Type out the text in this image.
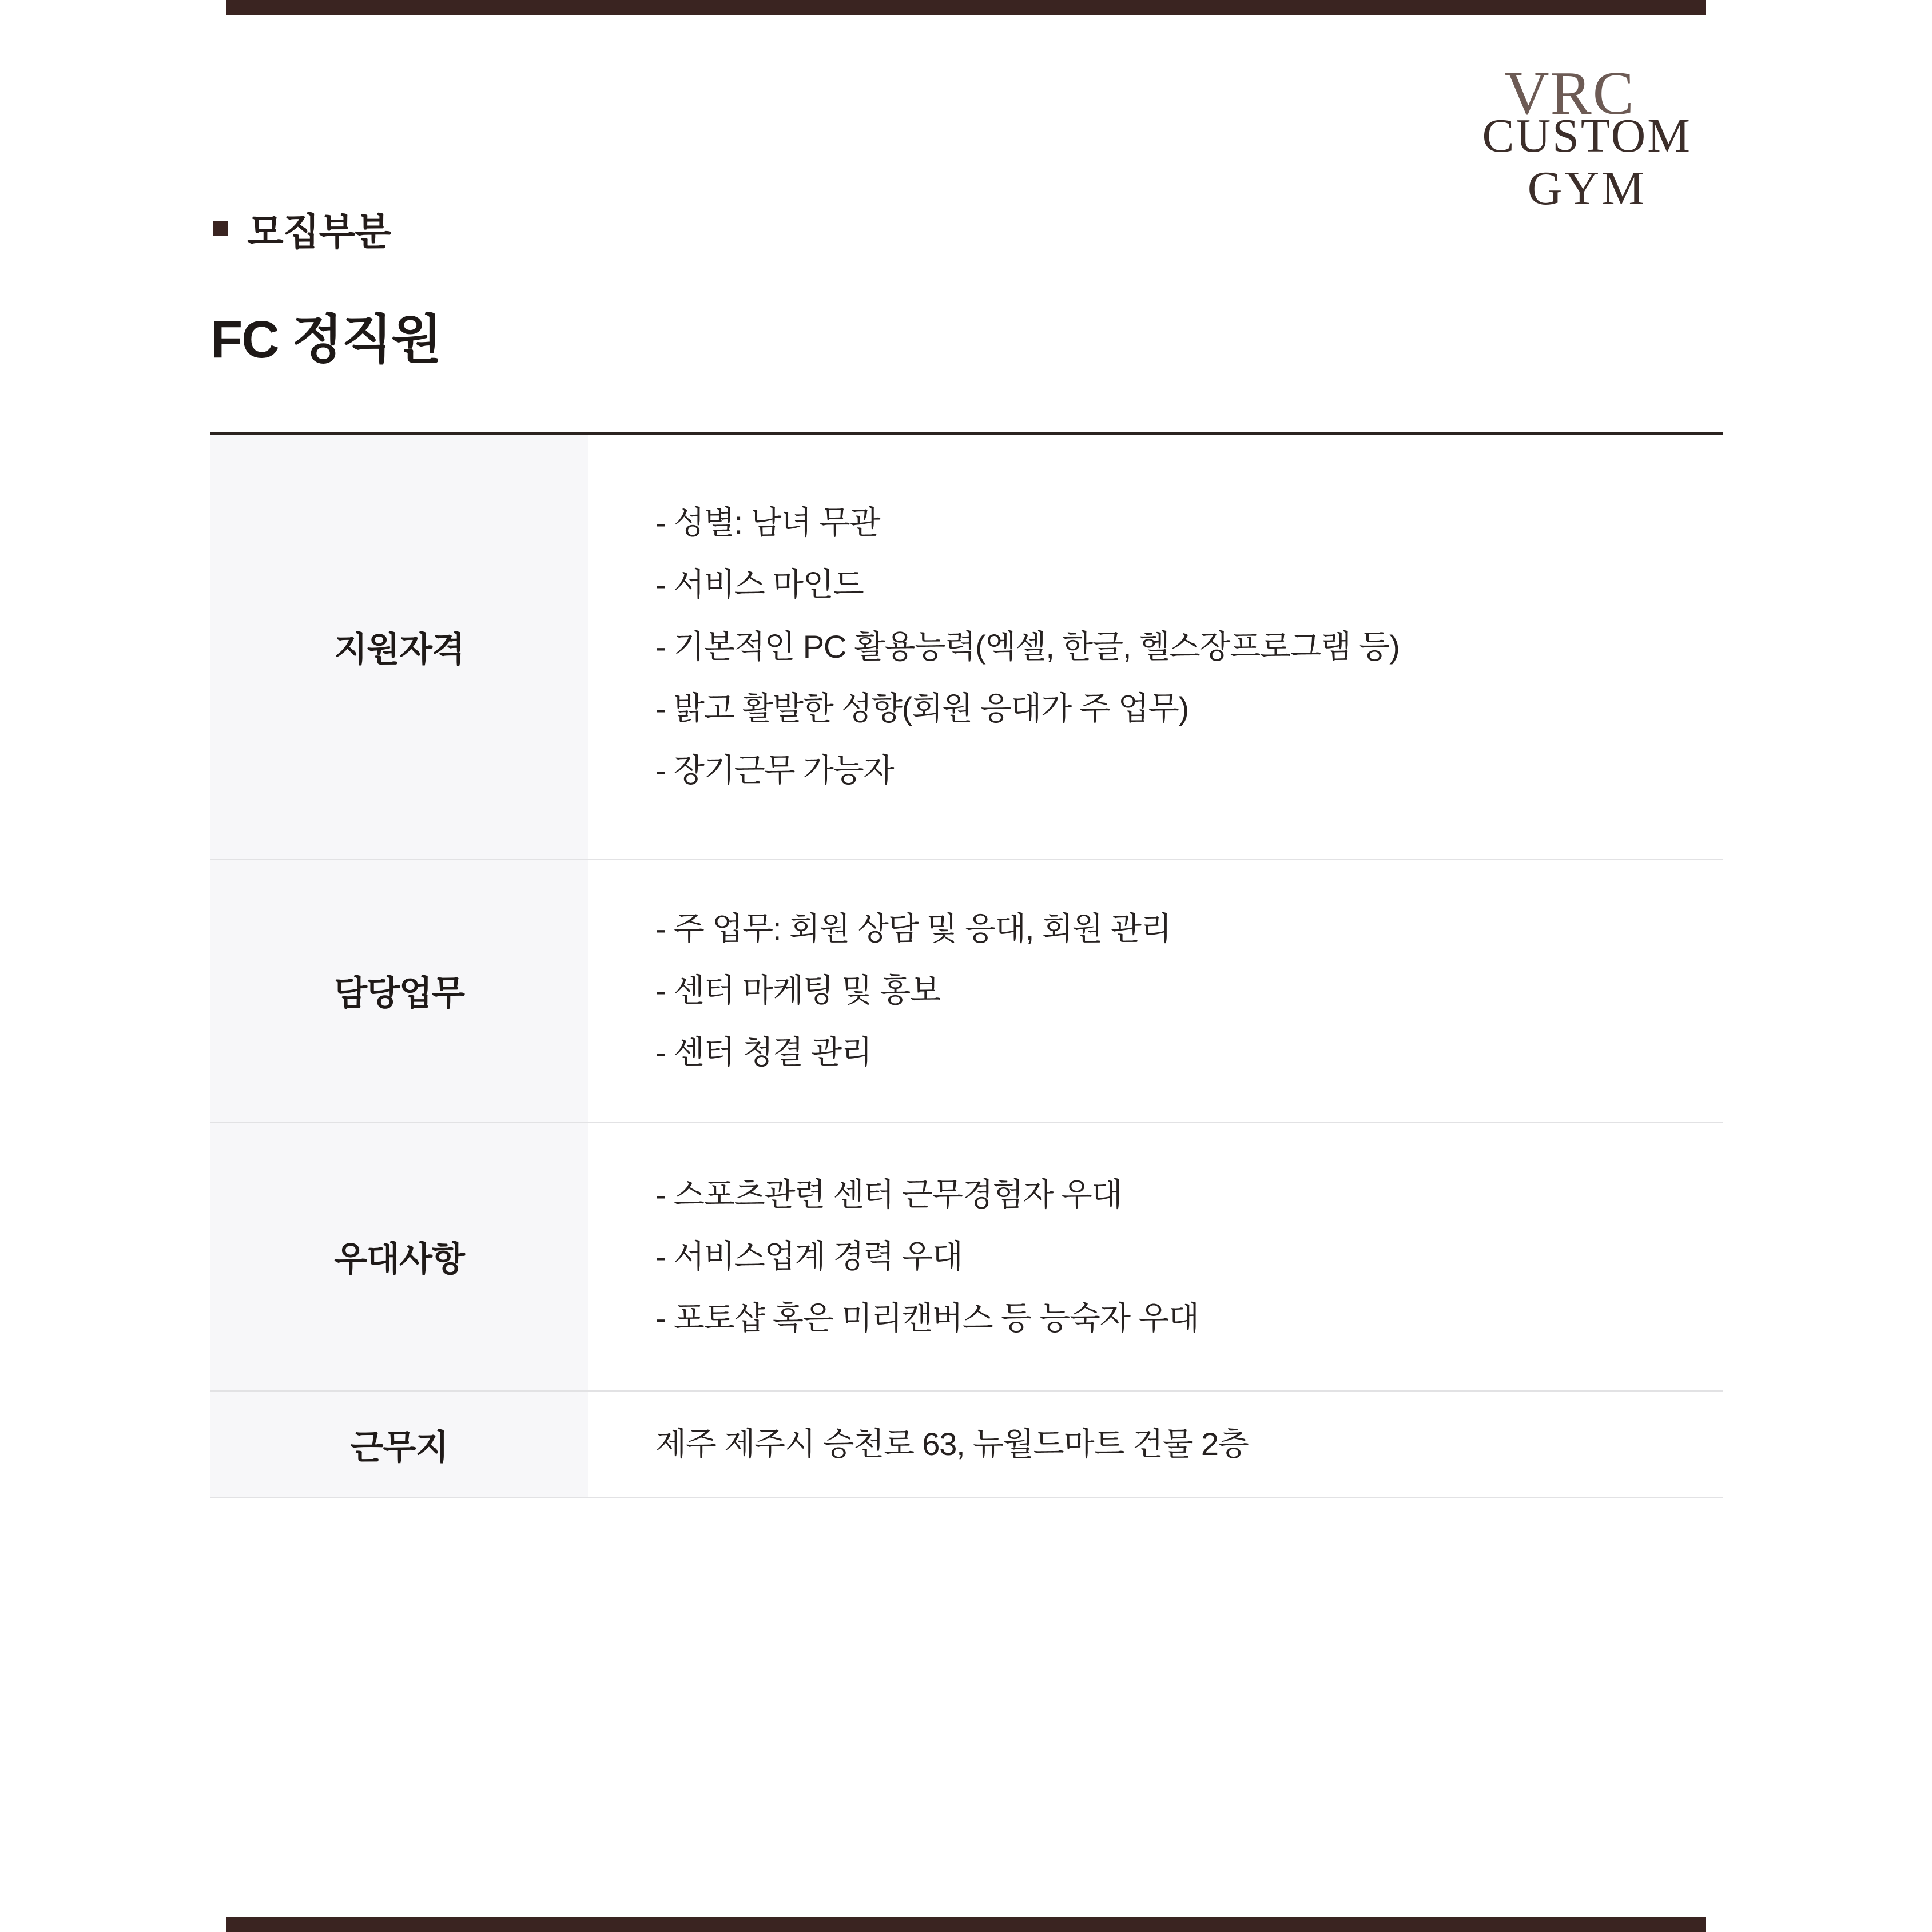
VRC
CUSTOM
GYM
모집부분
FC 정직원
지원자격
- 성별: 남녀 무관
- 서비스 마인드
- 기본적인 PC 활용능력(엑셀, 한글, 헬스장프로그램 등)
- 밝고 활발한 성향(회원 응대가 주 업무)
- 장기근무 가능자
담당업무
- 주 업무: 회원 상담 및 응대, 회원 관리
- 센터 마케팅 및 홍보
- 센터 청결 관리
우대사항
- 스포츠관련 센터 근무경험자 우대
- 서비스업계 경력 우대
- 포토샵 혹은 미리캔버스 등 능숙자 우대
근무지	제주 제주시 승천로 63, 뉴월드마트 건물 2층
